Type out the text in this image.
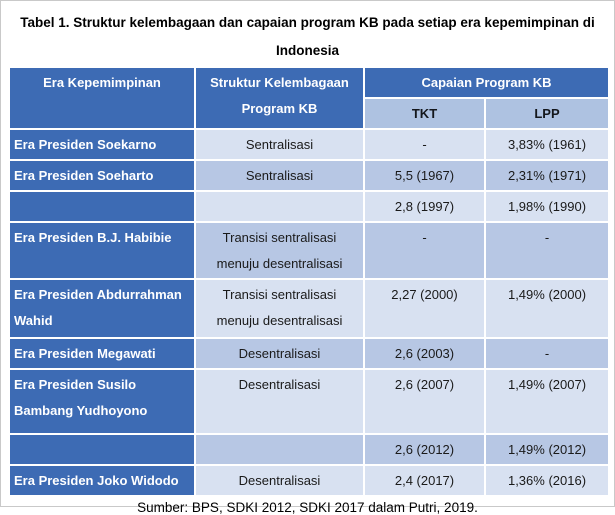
Tabel 1. Struktur kelembagaan dan capaian program KB pada setiap era kepemimpinan di
Indonesia
Era Kepemimpinan	Struktur Kelembagaan Program KB	Capaian Program KB	
		TKT	LPP
Era Presiden Soekarno	Sentralisasi	-	3,83% (1961)
Era Presiden Soeharto	Sentralisasi	5,5 (1967)	2,31% (1971)
		2,8 (1997)	1,98% (1990)
Era Presiden B.J. Habibie	Transisi sentralisasi menuju desentralisasi	-	-
Era Presiden Abdurrahman Wahid	Transisi sentralisasi menuju desentralisasi	2,27 (2000)	1,49% (2000)
Era Presiden Megawati	Desentralisasi	2,6 (2003)	-
Era Presiden Susilo Bambang Yudhoyono	Desentralisasi	2,6 (2007)	1,49% (2007)
		2,6 (2012)	1,49% (2012)
Era Presiden Joko Widodo	Desentralisasi	2,4 (2017)	1,36% (2016)
Sumber: BPS, SDKI 2012, SDKI 2017 dalam Putri, 2019.
